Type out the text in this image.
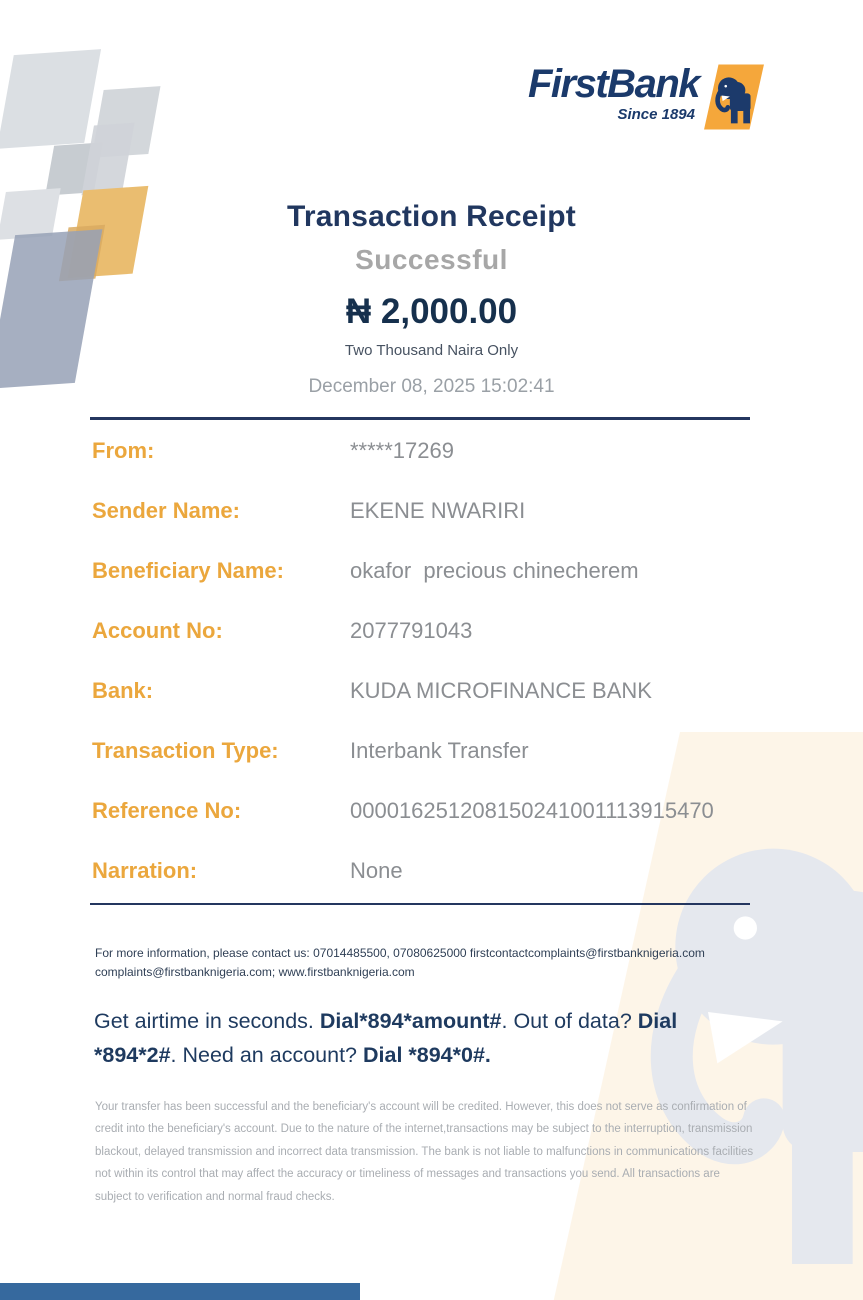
FirstBank
Since 1894
Transaction Receipt
Successful
₦ 2,000.00
Two Thousand Naira Only
December 08, 2025 15:02:41
From:	*****17269
Sender Name:	EKENE NWARIRI
Beneficiary Name:	okafor  precious chinecherem
Account No:	2077791043
Bank:	KUDA MICROFINANCE BANK
Transaction Type:	Interbank Transfer
Reference No:	000016251208150241001113915470
Narration:	None
For more information, please contact us: 07014485500, 07080625000 firstcontactcomplaints@firstbanknigeria.com
complaints@firstbanknigeria.com; www.firstbanknigeria.com
Get airtime in seconds. Dial*894*amount#. Out of data? Dial *894*2#. Need an account? Dial *894*0#.
Your transfer has been successful and the beneficiary's account will be credited. However, this does not serve as confirmation of credit into the beneficiary's account. Due to the nature of the internet,transactions may be subject to the interruption, transmission blackout, delayed transmission and incorrect data transmission. The bank is not liable to malfunctions in communications facilities not within its control that may affect the accuracy or timeliness of messages and transactions you send. All transactions are subject to verification and normal fraud checks.
